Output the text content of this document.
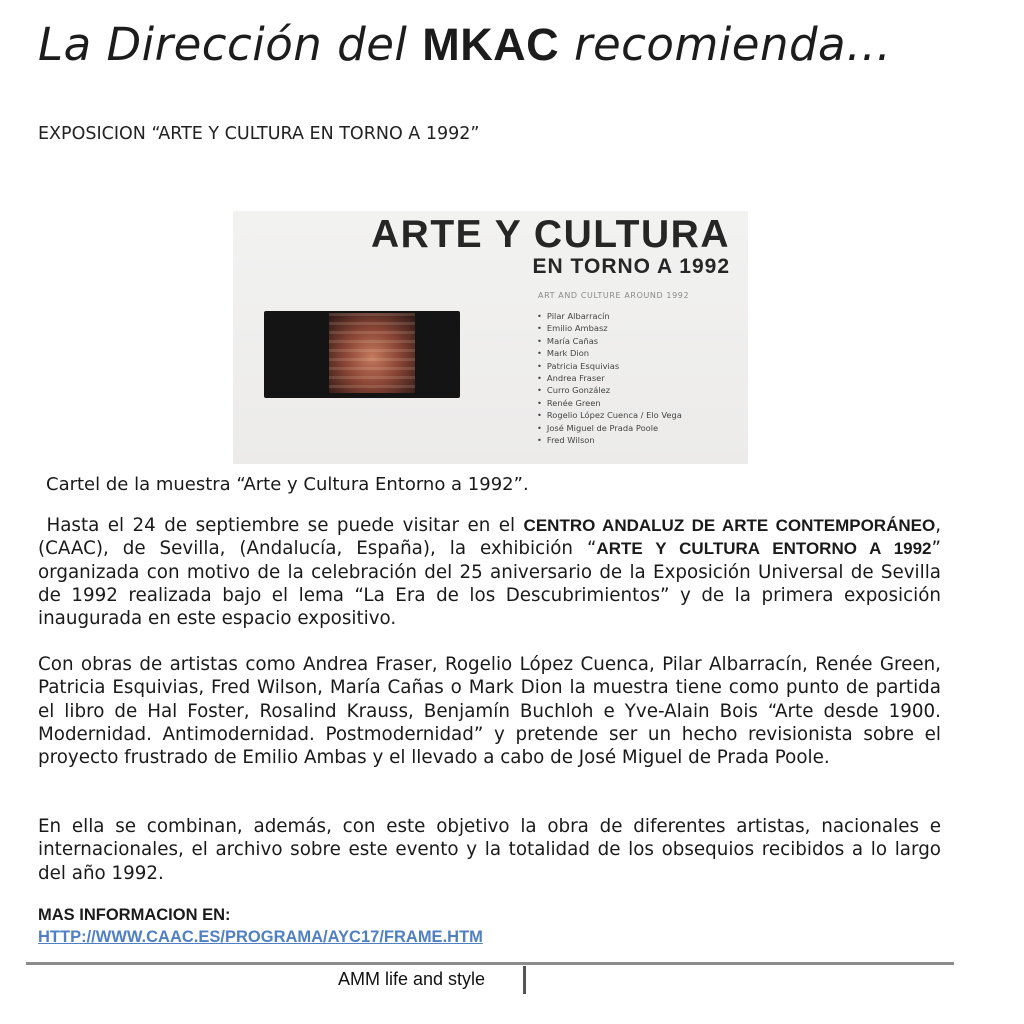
La Dirección del MKAC recomienda…
EXPOSICION “ARTE Y CULTURA EN TORNO A 1992”
ARTE Y CULTURA
EN TORNO A 1992
ART AND CULTURE AROUND 1992
• Pilar Albarracín
• Emilio Ambasz
• María Cañas
• Mark Dion
• Patricia Esquivias
• Andrea Fraser
• Curro González
• Renée Green
• Rogelio López Cuenca / Elo Vega
• José Miguel de Prada Poole
• Fred Wilson
Cartel de la muestra “Arte y Cultura Entorno a 1992”.

Hasta el 24 de septiembre se puede visitar en el CENTRO ANDALUZ DE ARTE CONTEMPORÁNEO, (CAAC), de Sevilla, (Andalucía, España), la exhibición “ARTE Y CULTURA ENTORNO A 1992” organizada con motivo de la celebración del 25 aniversario de la Exposición Universal de Sevilla de 1992 realizada bajo el lema “La Era de los Descubrimientos” y de la primera exposición inaugurada en este espacio expositivo.

Con obras de artistas como Andrea Fraser, Rogelio López Cuenca, Pilar Albarracín, Renée Green, Patricia Esquivias, Fred Wilson, María Cañas o Mark Dion la muestra tiene como punto de partida el libro de Hal Foster, Rosalind Krauss, Benjamín Buchloh e Yve-Alain Bois “Arte desde 1900. Modernidad. Antimodernidad. Postmodernidad” y pretende ser un hecho revisionista sobre el proyecto frustrado de Emilio Ambas y el llevado a cabo de José Miguel de Prada Poole.

En ella se combinan, además, con este objetivo la obra de diferentes artistas, nacionales e internacionales, el archivo sobre este evento y la totalidad de los obsequios recibidos a lo largo del año 1992.

MAS INFORMACION EN:
HTTP://WWW.CAAC.ES/PROGRAMA/AYC17/FRAME.HTM
AMM life and style
